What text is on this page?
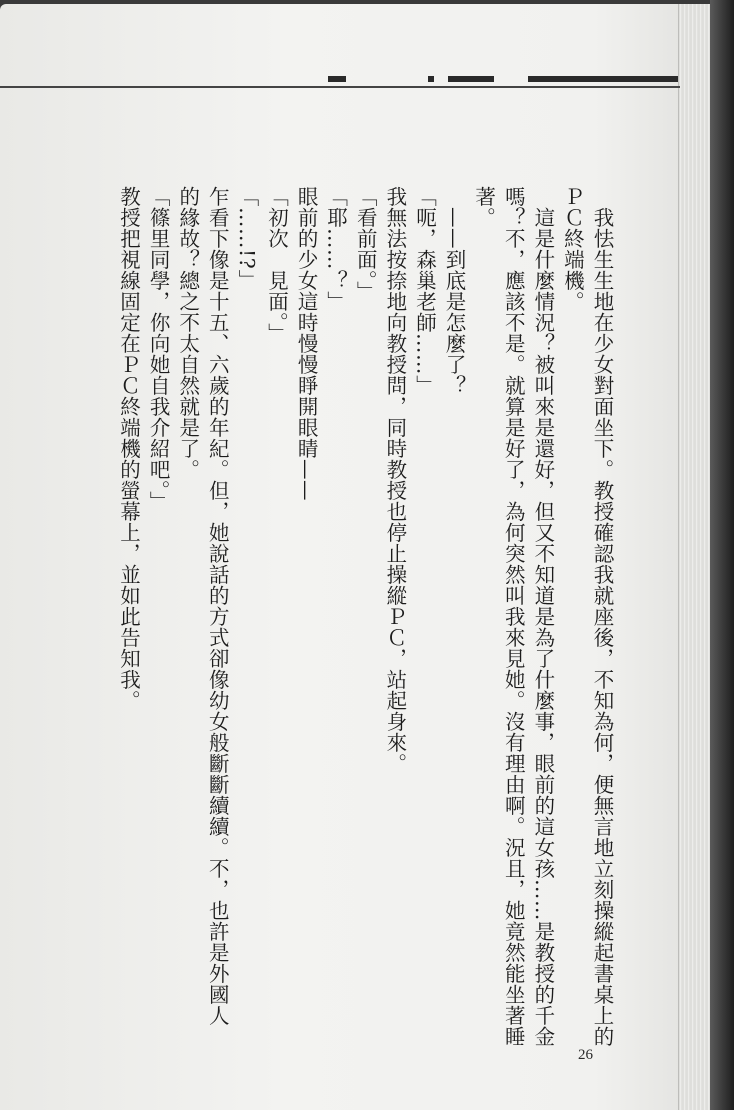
　我怯生生地在少女對面坐下。教授確認我就座後，不知為何，便無言地立刻操縱起書桌上的

ＰＣ終端機。

　這是什麼情況？被叫來是還好，但又不知道是為了什麼事，眼前的這女孩……是教授的千金

嗎？不，應該不是。就算是好了，為何突然叫我來見她。沒有理由啊。況且，她竟然能坐著睡

著。

　——到底是怎麼了？

「呃，森巢老師……」

我無法按捺地向教授問，同時教授也停止操縱ＰＣ，站起身來。

「看前面。」

「耶……？」

眼前的少女這時慢慢睜開眼睛——

「初次　見面。」

「……!?」

乍看下像是十五、六歲的年紀。但，她說話的方式卻像幼女般斷斷續續。不，也許是外國人

的緣故？總之不太自然就是了。

「篠里同學，你向她自我介紹吧。」

教授把視線固定在ＰＣ終端機的螢幕上，並如此告知我。

26
